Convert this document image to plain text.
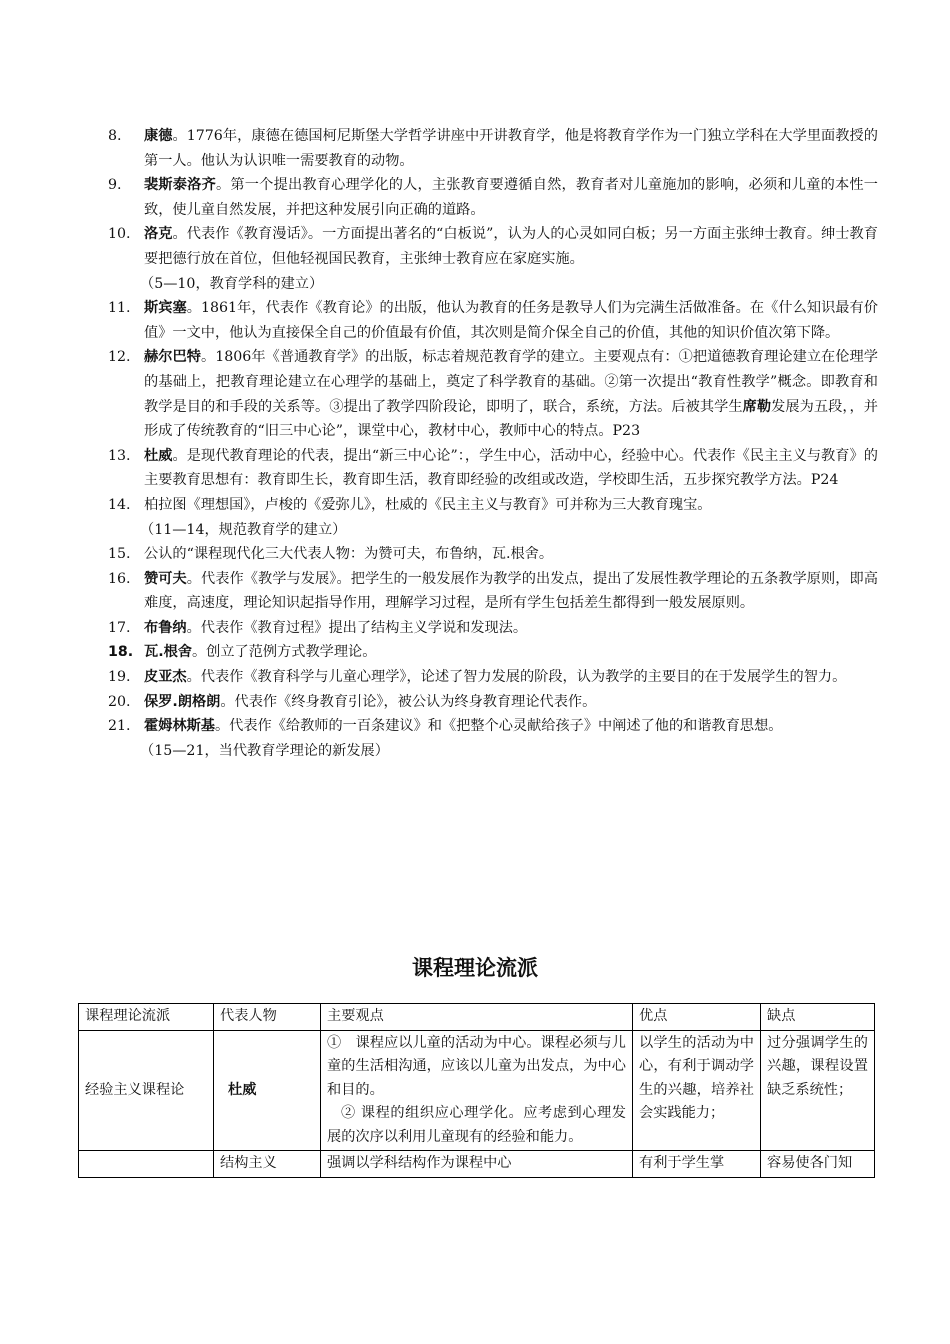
8.	康德。1776年，康德在德国柯尼斯堡大学哲学讲座中开讲教育学，他是将教育学作为一门独立学科在大学里面教授的第一人。他认为认识唯一需要教育的动物。
9.	裴斯泰洛齐。第一个提出教育心理学化的人，主张教育要遵循自然，教育者对儿童施加的影响，必须和儿童的本性一致，使儿童自然发展，并把这种发展引向正确的道路。
10. 洛克。代表作《教育漫话》。一方面提出著名的“白板说”，认为人的心灵如同白板；另一方面主张绅士教育。绅士教育要把德行放在首位，但他轻视国民教育，主张绅士教育应在家庭实施。
（5—10，教育学科的建立）
11. 斯宾塞。1861年，代表作《教育论》的出版，他认为教育的任务是教导人们为完满生活做准备。在《什么知识最有价值》一文中，他认为直接保全自己的价值最有价值，其次则是简介保全自己的价值，其他的知识价值次第下降。
12. 赫尔巴特。1806年《普通教育学》的出版，标志着规范教育学的建立。主要观点有：①把道德教育理论建立在伦理学的基础上，把教育理论建立在心理学的基础上，奠定了科学教育的基础。②第一次提出“教育性教学”概念。即教育和教学是目的和手段的关系等。③提出了教学四阶段论，即明了，联合，系统，方法。后被其学生席勒发展为五段，，并形成了传统教育的“旧三中心论”，课堂中心，教材中心，教师中心的特点。P23
13. 杜威。是现代教育理论的代表，提出“新三中心论”：，学生中心，活动中心，经验中心。代表作《民主主义与教育》的主要教育思想有：教育即生长，教育即生活，教育即经验的改组或改造，学校即生活，五步探究教学方法。P24
14. 柏拉图《理想国》，卢梭的《爱弥儿》，杜威的《民主主义与教育》可并称为三大教育瑰宝。
（11—14，规范教育学的建立）
15. 公认的“课程现代化三大代表人物：为赞可夫，布鲁纳，瓦.根舍。
16. 赞可夫。代表作《教学与发展》。把学生的一般发展作为教学的出发点，提出了发展性教学理论的五条教学原则，即高难度，高速度，理论知识起指导作用，理解学习过程，是所有学生包括差生都得到一般发展原则。
17. 布鲁纳。代表作《教育过程》提出了结构主义学说和发现法。
18. 瓦.根舍。创立了范例方式教学理论。
19. 皮亚杰。代表作《教育科学与儿童心理学》，论述了智力发展的阶段，认为教学的主要目的在于发展学生的智力。
20. 保罗.朗格朗。代表作《终身教育引论》，被公认为终身教育理论代表作。
21. 霍姆林斯基。代表作《给教师的一百条建议》和《把整个心灵献给孩子》中阐述了他的和谐教育思想。
（15—21，当代教育学理论的新发展）
课程理论流派
课程理论流派	代表人物	主要观点	优点	缺点
经验主义课程论	杜威	①　课程应以儿童的活动为中心。课程必须与儿童的生活相沟通，应该以儿童为出发点，为中心和目的。
② 课程的组织应心理学化。应考虑到心理发展的次序以利用儿童现有的经验和能力。	以学生的活动为中心，有利于调动学生的兴趣，培养社会实践能力；	过分强调学生的兴趣，课程设置缺乏系统性；
	结构主义	强调以学科结构作为课程中心	有利于学生掌	容易使各门知
